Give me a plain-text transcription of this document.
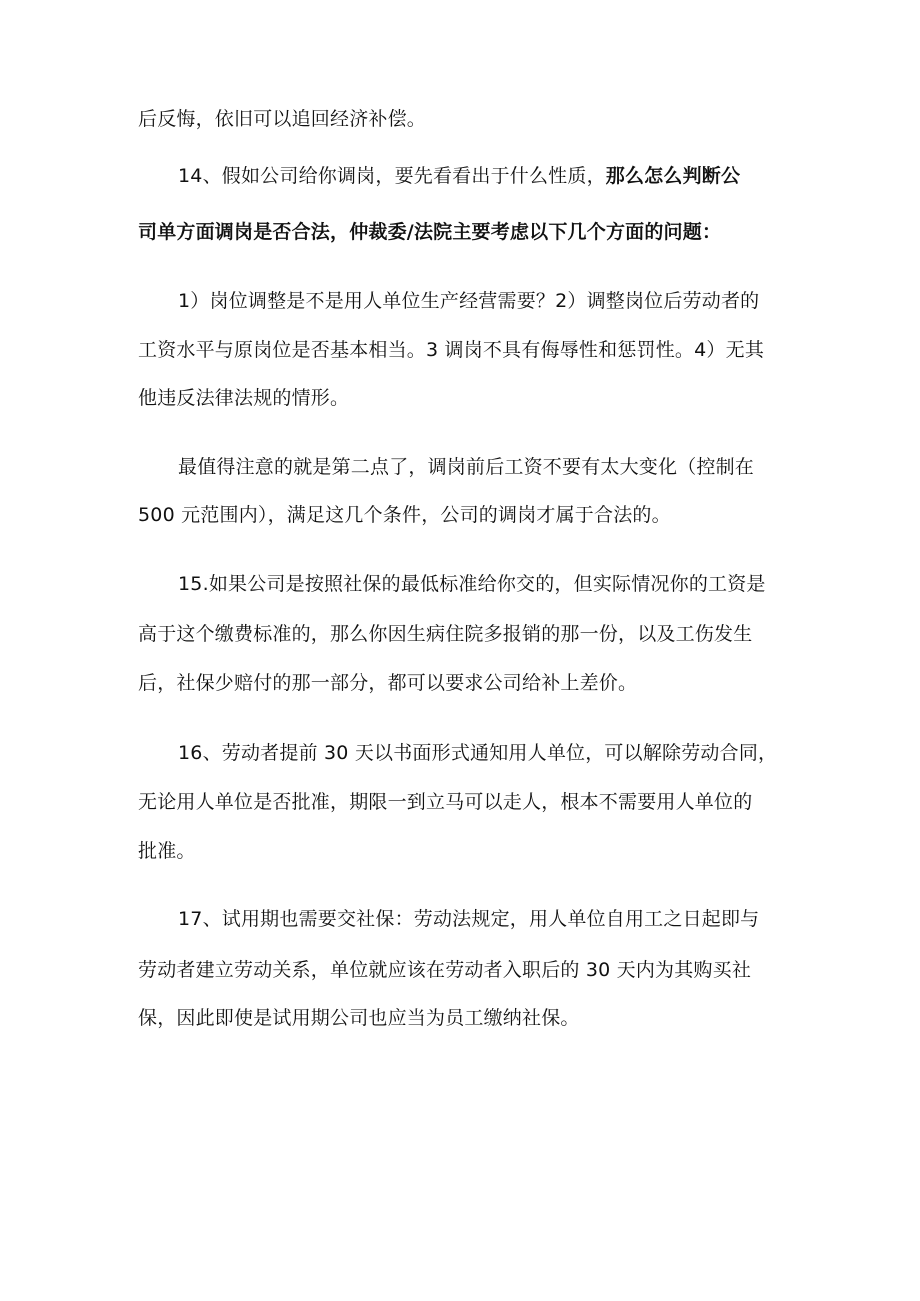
后反悔，依旧可以追回经济补偿。

14、假如公司给你调岗，要先看看出于什么性质，那么怎么判断公

司单方面调岗是否合法，仲裁委/法院主要考虑以下几个方面的问题：

1）岗位调整是不是用人单位生产经营需要？2）调整岗位后劳动者的

工资水平与原岗位是否基本相当。3 调岗不具有侮辱性和惩罚性。4）无其

他违反法律法规的情形。

最值得注意的就是第二点了，调岗前后工资不要有太大变化（控制在

500 元范围内），满足这几个条件，公司的调岗才属于合法的。

15.如果公司是按照社保的最低标准给你交的，但实际情况你的工资是

高于这个缴费标准的，那么你因生病住院多报销的那一份，以及工伤发生

后，社保少赔付的那一部分，都可以要求公司给补上差价。

16、劳动者提前 30 天以书面形式通知用人单位，可以解除劳动合同，

无论用人单位是否批准，期限一到立马可以走人，根本不需要用人单位的

批准。

17、试用期也需要交社保：劳动法规定，用人单位自用工之日起即与

劳动者建立劳动关系，单位就应该在劳动者入职后的 30 天内为其购买社

保，因此即使是试用期公司也应当为员工缴纳社保。
